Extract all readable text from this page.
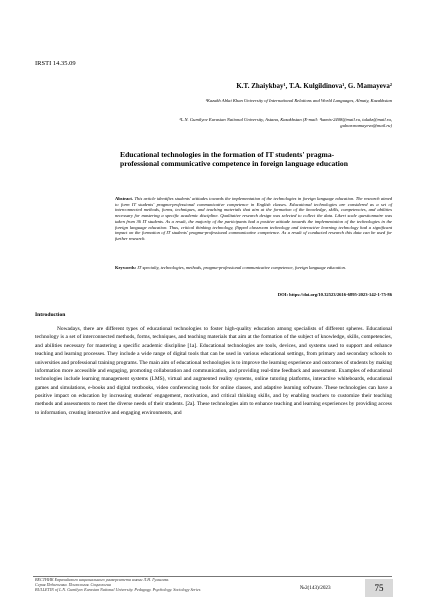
IRSTI 14.35.09
K.T. Zhaiykbay¹, T.A. Kulgildinova¹, G. Mamayeva²
¹Kazakh Ablai Khan University of International Relations and World Languages, Almaty, Kazakhstan
²L.N. Gumilyov Eurasian National University, Astana, Kazakhstan (E-mail: ¹kamis-2408@mail.ru, tulakz@mail.ru, gulnar.mamayeva@mail.ru)
Educational technologies in the formation of IT students' pragma-professional communicative competence in foreign language education
Abstract. This article identifies students' attitudes towards the implementation of the technologies in foreign language education. The research aimed to form IT students' pragma-professional communicative competence in English classes. Educational technologies are considered as a set of interconnected methods, forms, techniques, and teaching materials that aim at the formation of the knowledge, skills, competencies, and abilities necessary for mastering a specific academic discipline. Qualitative research design was selected to collect the data. Likert scale questionnaire was taken from 36 IT students. As a result, the majority of the participants had a positive attitude towards the implementation of the technologies in the foreign language education. Thus, critical thinking technology, flipped classroom technology and interactive learning technology had a significant impact on the formation of IT students' pragma-professional communicative competence. As a result of conducted research this data can be used for further research.
Keywords: IT specialty, technologies, methods, pragma-professional communicative competence, foreign language education.
DOI: https://doi.org/10.32523/2616-6895-2023-142-1-75-86
Introduction
Nowadays, there are different types of educational technologies to foster high-quality education among specialists of different spheres. Educational technology is a set of interconnected methods, forms, techniques, and teaching materials that aim at the formation of the subject of knowledge, skills, competencies, and abilities necessary for mastering a specific academic discipline [1a]. Educational technologies are tools, devices, and systems used to support and enhance teaching and learning processes. They include a wide range of digital tools that can be used in various educational settings, from primary and secondary schools to universities and professional training programs. The main aim of educational technologies is to improve the learning experience and outcomes of students by making information more accessible and engaging, promoting collaboration and communication, and providing real-time feedback and assessment. Examples of educational technologies include learning management systems (LMS), virtual and augmented reality systems, online tutoring platforms, interactive whiteboards, educational games and simulations, e-books and digital textbooks, video conferencing tools for online classes, and adaptive learning software. These technologies can have a positive impact on education by increasing students' engagement, motivation, and critical thinking skills, and by enabling teachers to customize their teaching methods and assessments to meet the diverse needs of their students. [2a]. These technologies aim to enhance teaching and learning experiences by providing access to information, creating interactive and engaging environments, and
ВЕСТНИК Евразийского национального университета имени Л.Н. Гумилева.
Серия Педагогика. Психология. Социология
BULLETIN of L.N. Gumilyov Eurasian National University. Pedagogy. Psychology. Sociology Series	№2(143)/2023	75
